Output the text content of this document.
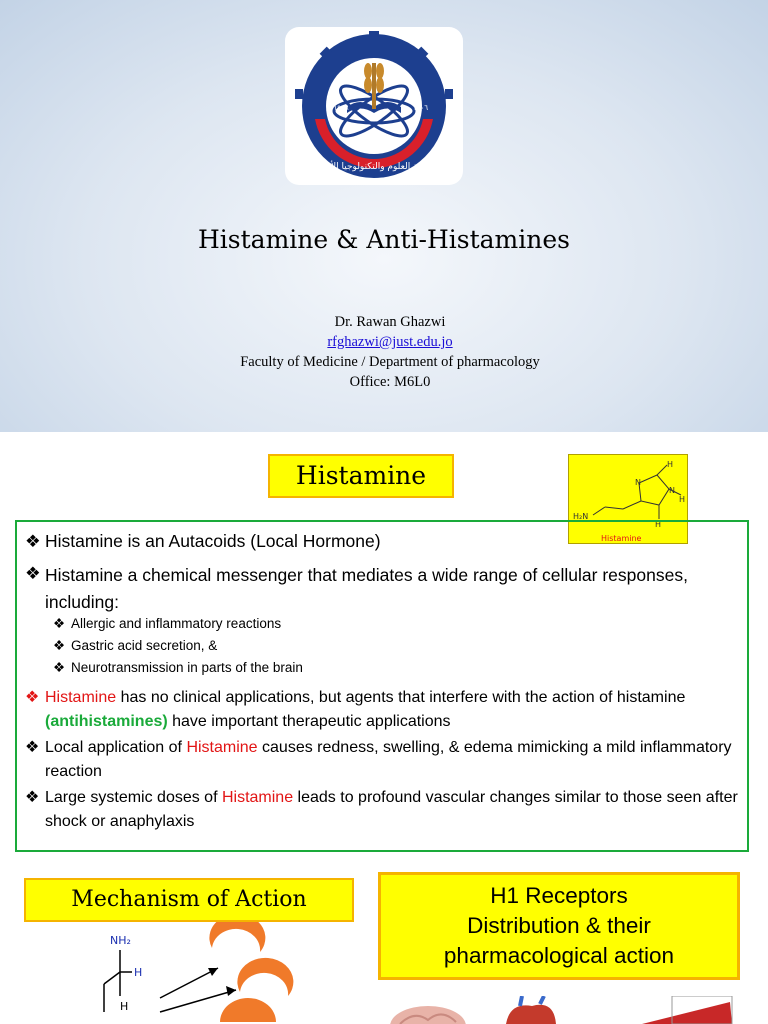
١٩٨٦ م	١٤٠٦ هـ
جامعة العلوم والتكنولوجيا الأردنية
Histamine & Anti-Histamines
Dr. Rawan Ghazwi
rfghazwi@just.edu.jo
Faculty of Medicine / Department of pharmacology
Office: M6L0
Histamine	N
N
H
H
H
H₂N
Histamine
❖ Histamine is an Autacoids (Local Hormone)
❖ Histamine a chemical messenger that mediates a wide range of cellular responses, including:
❖ Allergic and inflammatory reactions
❖ Gastric acid secretion, &
❖ Neurotransmission in parts of the brain
❖ Histamine has no clinical applications, but agents that interfere with the action of histamine (antihistamines) have important therapeutic applications
❖ Local application of Histamine causes redness, swelling, & edema mimicking a mild inflammatory reaction
❖ Large systemic doses of Histamine leads to profound vascular changes similar to those seen after shock or anaphylaxis
Mechanism of Action	H1 Receptors
Distribution & their
pharmacological action
NH₂
H
H
H₁
H₂
